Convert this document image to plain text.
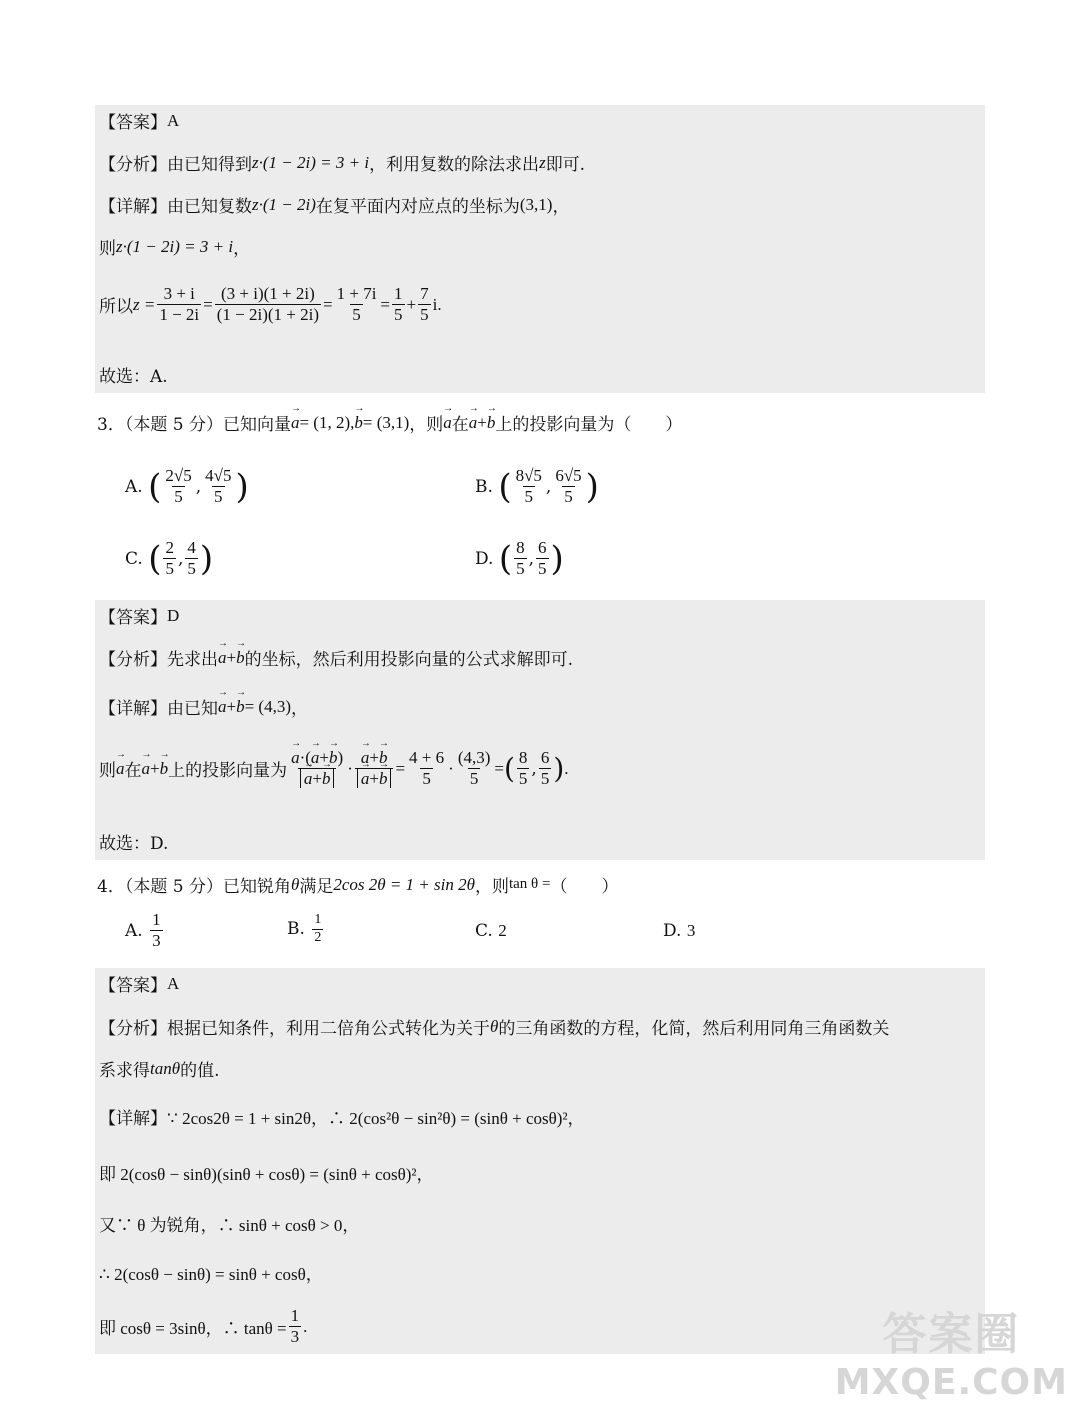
【答案】 A
【分析】 由已知得到 z·(1 − 2i) = 3 + i ，利用复数的除法求出 z 即可.
【详解】 由已知复数 z·(1 − 2i) 在复平面内对应点的坐标为 (3,1) ，
则 z·(1 − 2i) = 3 + i ，
所以 $z = \frac{3 + i}{1 - 2i} = \frac{(3 + i)(1 + 2i)}{(1 - 2i)(1 + 2i)} = \frac{1 + 7i}{5} = \frac{1}{5} + \frac{7}{5} i$.
故选：A.
3．（本题 5 分）已知向量 → a = (1, 2), → b = (3,1) ，则 → a 在 → a + → b 上的投影向量为（　　）
A.
( $\frac{2√5}{5}$ , $\frac{4√5}{5}$ )	B.
( $\frac{8√5}{5}$ , $\frac{6√5}{5}$ )
C.
( $\frac{2}{5}$ , $\frac{4}{5}$ )	D.
( $\frac{8}{5}$ , $\frac{6}{5}$ )
【答案】 D
【分析】 先求出 → a + → b 的坐标，然后利用投影向量的公式求解即可.
【详解】 由已知 → a + → b = (4,3) ，
则 → a 在 → a + → b 上的投影向量为 → a·(→ a+→ b)
→ a+→ b · → a+→ b
→ $a+\to b = \frac{4 + 6}{5} \cdot \frac{(4,3)}{5}$ = ( $\frac{8}{5}$ , $\frac{6}{5}$ ) .
故选：D.
4．（本题 5 分）已知锐角 θ 满足 2cos 2θ = 1 + sin 2θ ，则 tan θ = （　　）
A.
$\frac{1}{3}$	B.
$\frac{1}{2}$	C.
2	D.
3
【答案】 A
【分析】 根据已知条件，利用二倍角公式转化为关于 θ 的三角函数的方程，化简，然后利用同角三角函数关
系求得 tanθ 的值.
【详解】 ∵ 2cos2θ = 1 + sin2θ，∴ 2(cos²θ − sin²θ) = (sinθ + cosθ)²，
即 2(cosθ − sinθ)(sinθ + cosθ) = (sinθ + cosθ)²，
又∵ θ 为锐角，∴ sinθ + cosθ > 0，
∴ 2(cosθ − sinθ) = sinθ + cosθ，
即 cosθ = 3sinθ，∴ $\tan\theta = \frac{1}{3}$ .	答案圈
MXQE.COM
